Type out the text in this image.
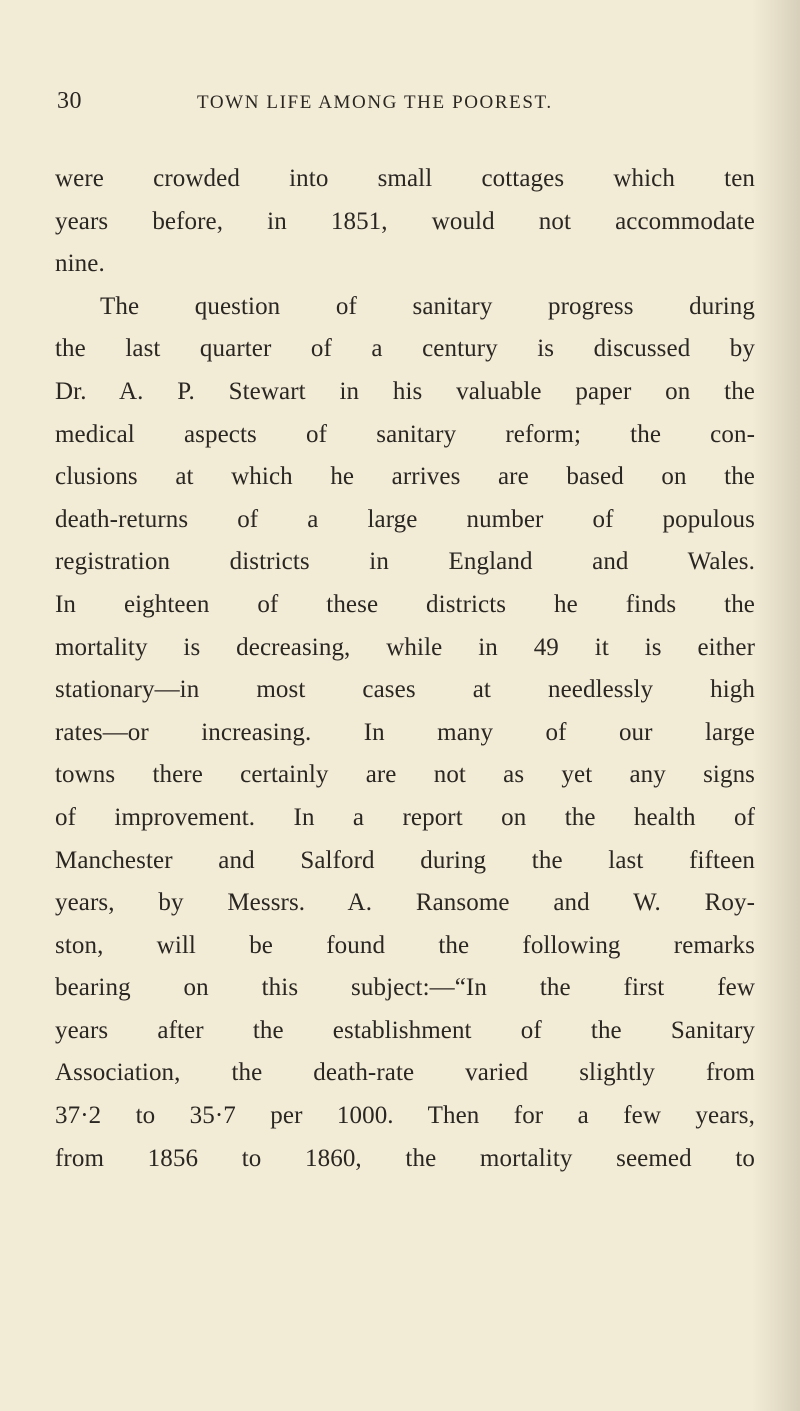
30	TOWN LIFE AMONG THE POOREST.
were crowded into small cottages which ten
years before, in 1851, would not accommodate
nine.
The question of sanitary progress during
the last quarter of a century is discussed by
Dr. A. P. Stewart in his valuable paper on the
medical aspects of sanitary reform; the con-
clusions at which he arrives are based on the
death-returns of a large number of populous
registration districts in England and Wales.
In eighteen of these districts he finds the
mortality is decreasing, while in 49 it is either
stationary—in most cases at needlessly high
rates—or increasing. In many of our large
towns there certainly are not as yet any signs
of improvement. In a report on the health of
Manchester and Salford during the last fifteen
years, by Messrs. A. Ransome and W. Roy-
ston, will be found the following remarks
bearing on this subject:—“In the first few
years after the establishment of the Sanitary
Association, the death-rate varied slightly from
37·2 to 35·7 per 1000. Then for a few years,
from 1856 to 1860, the mortality seemed to
